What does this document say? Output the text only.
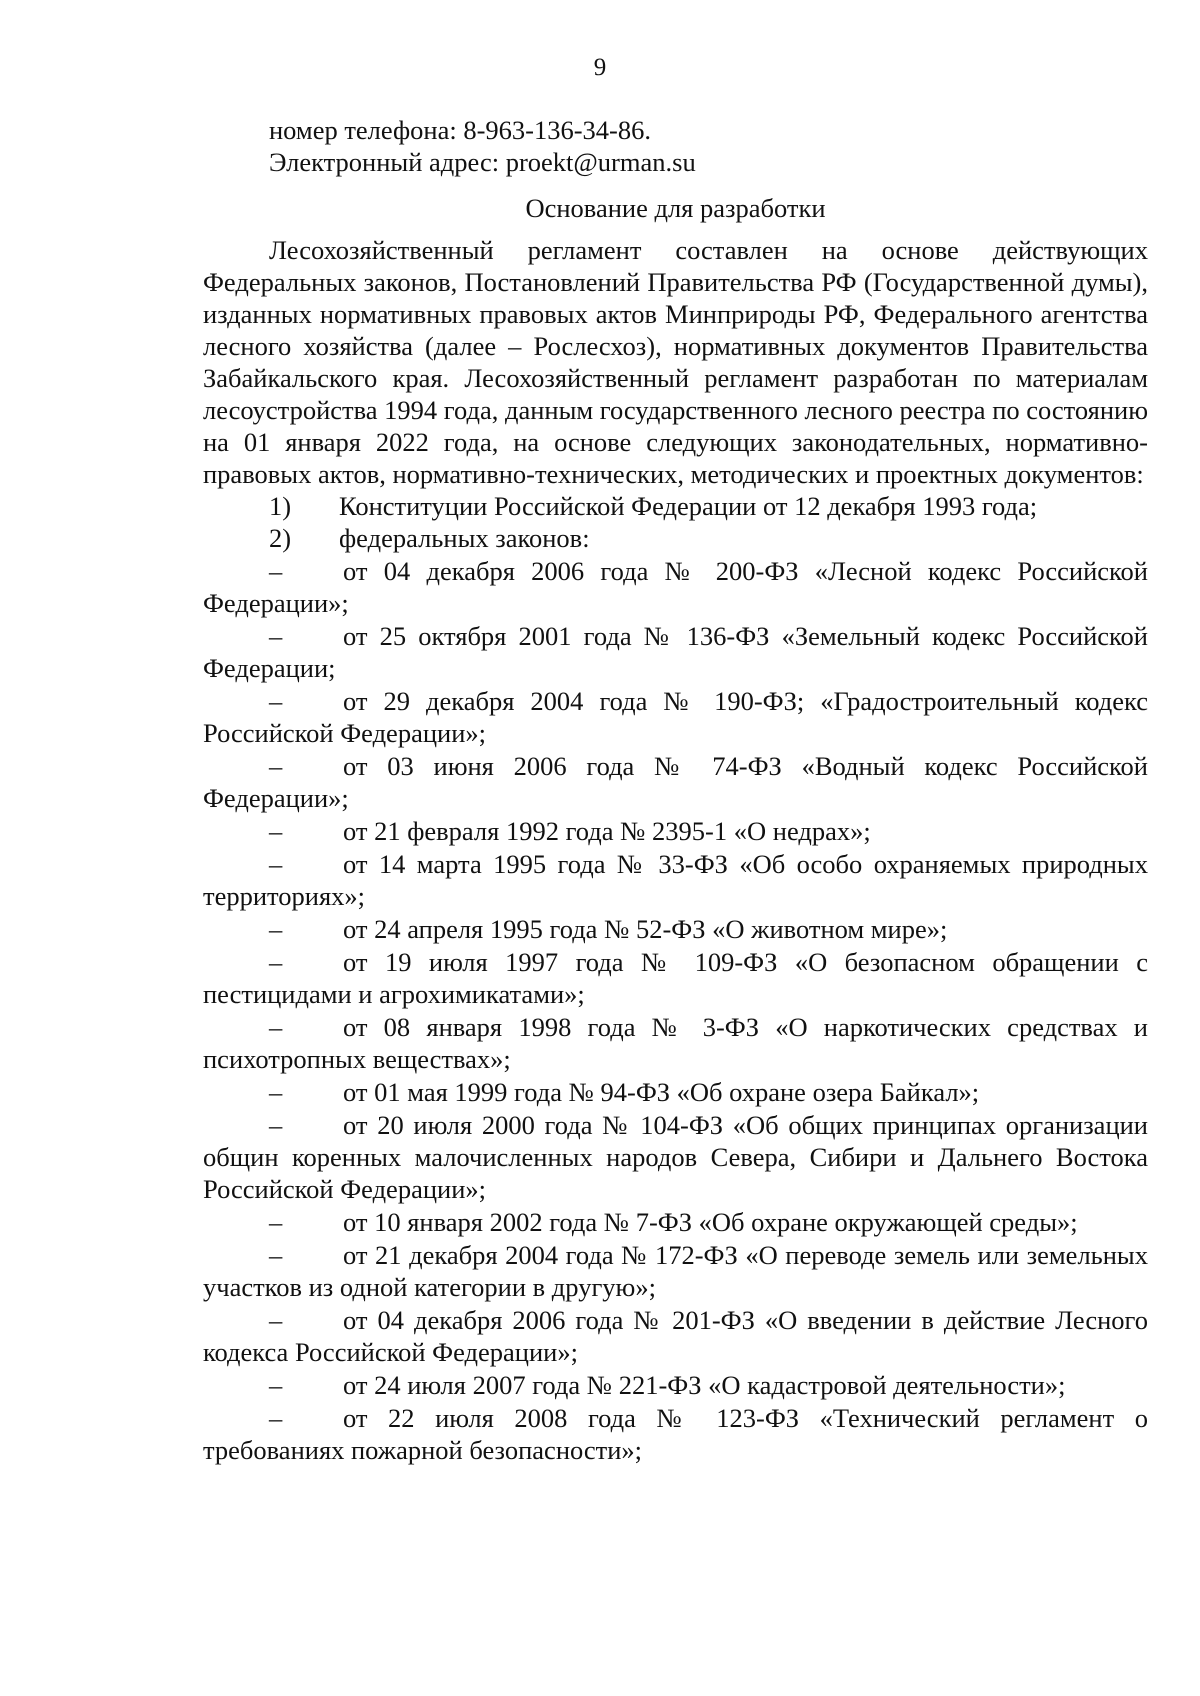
9
номер телефона: 8-963-136-34-86.
Электронный адрес: proekt@urman.su
Основание для разработки
Лесохозяйственный регламент составлен на основе действующих Федеральных законов, Постановлений Правительства РФ (Государственной думы), изданных нормативных правовых актов Минприроды РФ, Федерального агентства лесного хозяйства (далее – Рослесхоз), нормативных документов Правительства Забайкальского края. Лесохозяйственный регламент разработан по материалам лесоустройства 1994 года, данным государственного лесного реестра по состоянию на 01 января 2022 года, на основе следующих законодательных, нормативно-правовых актов, нормативно-технических, методических и проектных документов:
1)	Конституции Российской Федерации от 12 декабря 1993 года;
2)	федеральных законов:
– от 04 декабря 2006 года № 200-ФЗ «Лесной кодекс Российской Федерации»;
– от 25 октября 2001 года № 136-ФЗ «Земельный кодекс Российской Федерации;
– от 29 декабря 2004 года № 190-ФЗ; «Градостроительный кодекс Российской Федерации»;
– от 03 июня 2006 года № 74-ФЗ «Водный кодекс Российской Федерации»;
– от 21 февраля 1992 года № 2395-1 «О недрах»;
– от 14 марта 1995 года № 33-ФЗ «Об особо охраняемых природных территориях»;
– от 24 апреля 1995 года № 52-ФЗ «О животном мире»;
– от 19 июля 1997 года № 109-ФЗ «О безопасном обращении с пестицидами и агрохимикатами»;
– от 08 января 1998 года № 3-ФЗ «О наркотических средствах и психотропных веществах»;
– от 01 мая 1999 года № 94-ФЗ «Об охране озера Байкал»;
– от 20 июля 2000 года № 104-ФЗ «Об общих принципах организации общин коренных малочисленных народов Севера, Сибири и Дальнего Востока Российской Федерации»;
– от 10 января 2002 года № 7-ФЗ «Об охране окружающей среды»;
– от 21 декабря 2004 года № 172-ФЗ «О переводе земель или земельных участков из одной категории в другую»;
– от 04 декабря 2006 года № 201-ФЗ «О введении в действие Лесного кодекса Российской Федерации»;
– от 24 июля 2007 года № 221-ФЗ «О кадастровой деятельности»;
– от 22 июля 2008 года № 123-ФЗ «Технический регламент о требованиях пожарной безопасности»;
